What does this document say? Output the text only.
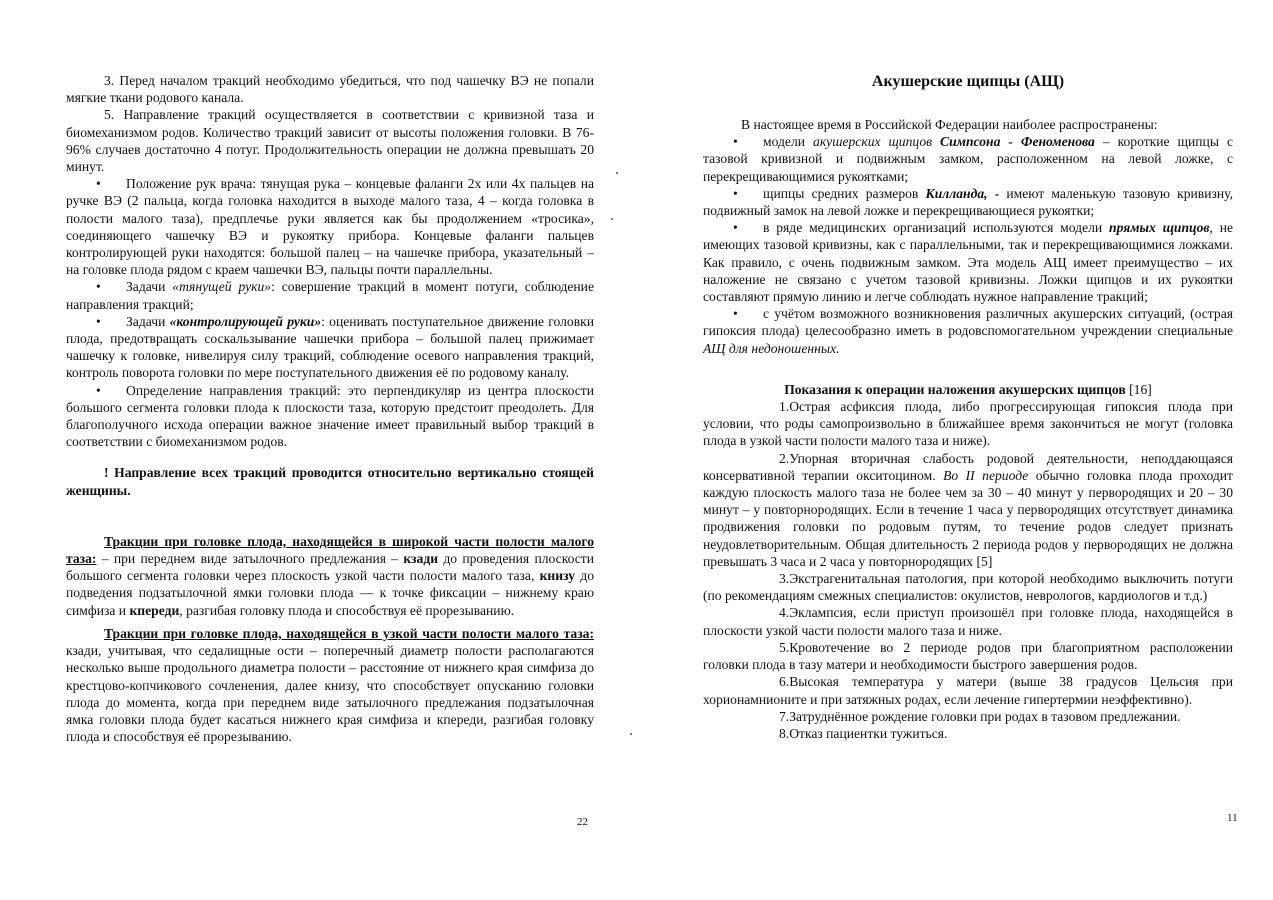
3. Перед началом тракций необходимо убедиться, что под чашечку ВЭ не попали мягкие ткани родового канала.

5. Направление тракций осуществляется в соответствии с кривизной таза и биомеханизмом родов. Количество тракций зависит от высоты положения головки. В 76-96% случаев достаточно 4 потуг. Продолжительность операции не должна превышать 20 минут.

• Положение рук врача: тянущая рука – концевые фаланги 2х или 4х пальцев на ручке ВЭ (2 пальца, когда головка находится в выходе малого таза, 4 – когда головка в полости малого таза), предплечье руки является как бы продолжением «тросика», соединяющего чашечку ВЭ и рукоятку прибора. Концевые фаланги пальцев контролирующей руки находятся: большой палец – на чашечке прибора, указательный – на головке плода рядом с краем чашечки ВЭ, пальцы почти параллельны.

• Задачи «тянущей руки»: совершение тракций в момент потуги, соблюдение направления тракций;

• Задачи «контролирующей руки»: оценивать поступательное движение головки плода, предотвращать соскальзывание чашечки прибора – большой палец прижимает чашечку к головке, нивелируя силу тракций, соблюдение осевого направления тракций, контроль поворота головки по мере поступательного движения её по родовому каналу.

• Определение направления тракций: это перпендикуляр из центра плоскости большого сегмента головки плода к плоскости таза, которую предстоит преодолеть. Для благополучного исхода операции важное значение имеет правильный выбор тракций в соответствии с биомеханизмом родов.

! Направление всех тракций проводится относительно вертикально стоящей женщины.

Тракции при головке плода, находящейся в широкой части полости малого таза: – при переднем виде затылочного предлежания – кзади до проведения плоскости большого сегмента головки через плоскость узкой части полости малого таза, книзу до подведения подзатылочной ямки головки плода — к точке фиксации – нижнему краю симфиза и кпереди, разгибая головку плода и способствуя её прорезыванию.

Тракции при головке плода, находящейся в узкой части полости малого таза: кзади, учитывая, что седалищные ости – поперечный диаметр полости располагаются несколько выше продольного диаметра полости – расстояние от нижнего края симфиза до крестцово-копчикового сочленения, далее книзу, что способствует опусканию головки плода до момента, когда при переднем виде затылочного предлежания подзатылочная ямка головки плода будет касаться нижнего края симфиза и кпереди, разгибая головку плода и способствуя её прорезыванию.

22

Акушерские щипцы (АЩ)

В настоящее время в Российской Федерации наиболее распространены:

• модели акушерских щипцов Симпсона - Феноменова – короткие щипцы с тазовой кривизной и подвижным замком, расположенном на левой ложке, с перекрещивающимися рукоятками;

• щипцы средних размеров Килланда, - имеют маленькую тазовую кривизну, подвижный замок на левой ложке и перекрещивающиеся рукоятки;

• в ряде медицинских организаций используются модели прямых щипцов, не имеющих тазовой кривизны, как с параллельными, так и перекрещивающимися ложками. Как правило, с очень подвижным замком. Эта модель АЩ имеет преимущество – их наложение не связано с учетом тазовой кривизны. Ложки щипцов и их рукоятки составляют прямую линию и легче соблюдать нужное направление тракций;

• с учётом возможного возникновения различных акушерских ситуаций, (острая гипоксия плода) целесообразно иметь в родовспомогательном учреждении специальные АЩ для недоношенных.

Показания к операции наложения акушерских щипцов [16]

1.Острая асфиксия плода, либо прогрессирующая гипоксия плода при условии, что роды самопроизвольно в ближайшее время закончиться не могут (головка плода в узкой части полости малого таза и ниже).

2.Упорная вторичная слабость родовой деятельности, неподдающаяся консервативной терапии окситоцином. Во II периоде обычно головка плода проходит каждую плоскость малого таза не более чем за 30 – 40 минут у первородящих и 20 – 30 минут – у повторнородящих. Если в течение 1 часа у первородящих отсутствует динамика продвижения головки по родовым путям, то течение родов следует признать неудовлетворительным. Общая длительность 2 периода родов у первородящих не должна превышать 3 часа и 2 часа у повторнородящих [5]

3.Экстрагенитальная патология, при которой необходимо выключить потуги (по рекомендациям смежных специалистов: окулистов, неврологов, кардиологов и т.д.)

4.Эклампсия, если приступ произошёл при головке плода, находящейся в плоскости узкой части полости малого таза и ниже.

5.Кровотечение во 2 периоде родов при благоприятном расположении головки плода в тазу матери и необходимости быстрого завершения родов.

6.Высокая температура у матери (выше 38 градусов Цельсия при хорионамнионите и при затяжных родах, если лечение гипертермии неэффективно).

7.Затруднённое рождение головки при родах в тазовом предлежании.

8.Отказ пациентки тужиться.

11
